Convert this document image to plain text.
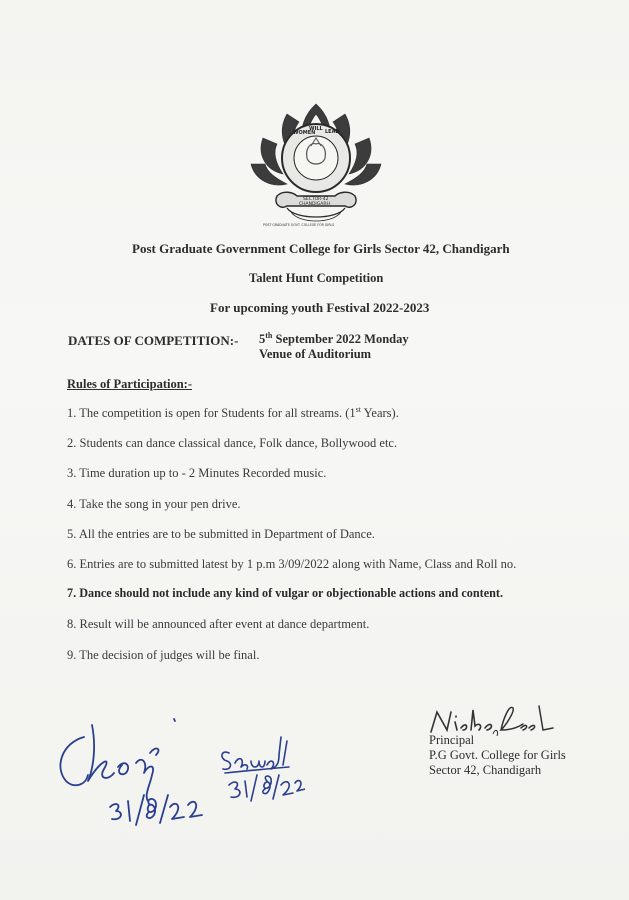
WOMEN
WILL LEAD
SECTOR-42
CHANDIGARH
POST GRADUATE GOVT. COLLEGE FOR GIRLS
Post Graduate Government College for Girls Sector 42, Chandigarh
Talent Hunt Competition
For upcoming youth Festival 2022-2023
DATES OF COMPETITION:- 5th September 2022 Monday
Venue of Auditorium
Rules of Participation:-
1. The competition is open for Students for all streams. (1st Years).
2. Students can dance classical dance, Folk dance, Bollywood etc.
3. Time duration up to - 2 Minutes Recorded music.
4. Take the song in your pen drive.
5. All the entries are to be submitted in Department of Dance.
6. Entries are to submitted latest by 1 p.m 3/09/2022 along with Name, Class and Roll no.
7. Dance should not include any kind of vulgar or objectionable actions and content.
8. Result will be announced after event at dance department.
9. The decision of judges will be final.
Principal
P.G Govt. College for Girls
Sector 42, Chandigarh
